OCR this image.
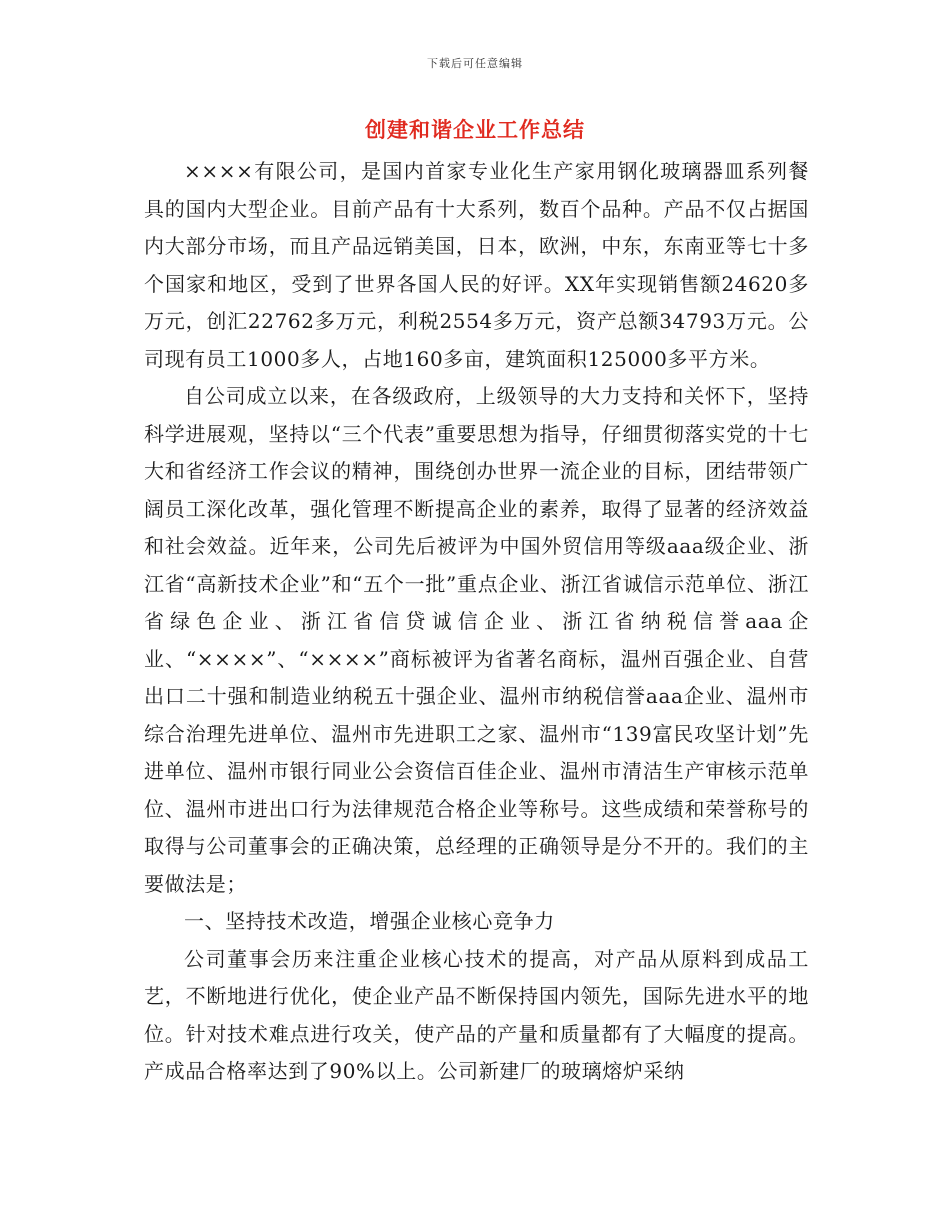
下载后可任意编辑
创建和谐企业工作总结

××××有限公司，是国内首家专业化生产家用钢化玻璃器皿系列餐具的国内大型企业。目前产品有十大系列，数百个品种。产品不仅占据国内大部分市场，而且产品远销美国，日本，欧洲，中东，东南亚等七十多个国家和地区，受到了世界各国人民的好评。XX年实现销售额24620多万元，创汇22762多万元，利税2554多万元，资产总额34793万元。公司现有员工1000多人，占地160多亩，建筑面积125000多平方米。

自公司成立以来，在各级政府，上级领导的大力支持和关怀下，坚持科学进展观，坚持以“三个代表”重要思想为指导，仔细贯彻落实党的十七大和省经济工作会议的精神，围绕创办世界一流企业的目标，团结带领广阔员工深化改革，强化管理不断提高企业的素养，取得了显著的经济效益和社会效益。近年来，公司先后被评为中国外贸信用等级aaa级企业、浙江省“高新技术企业”和“五个一批”重点企业、浙江省诚信示范单位、浙江省绿色企业、浙江省信贷诚信企业、浙江省纳税信誉aaa企业、“××××”、“××××”商标被评为省著名商标，温州百强企业、自营出口二十强和制造业纳税五十强企业、温州市纳税信誉aaa企业、温州市综合治理先进单位、温州市先进职工之家、温州市“139富民攻坚计划”先进单位、温州市银行同业公会资信百佳企业、温州市清洁生产审核示范单位、温州市进出口行为法律规范合格企业等称号。这些成绩和荣誉称号的取得与公司董事会的正确决策，总经理的正确领导是分不开的。我们的主要做法是；

一、坚持技术改造，增强企业核心竞争力

公司董事会历来注重企业核心技术的提高，对产品从原料到成品工艺，不断地进行优化，使企业产品不断保持国内领先，国际先进水平的地位。针对技术难点进行攻关，使产品的产量和质量都有了大幅度的提高。产成品合格率达到了90%以上。公司新建厂的玻璃熔炉采纳
